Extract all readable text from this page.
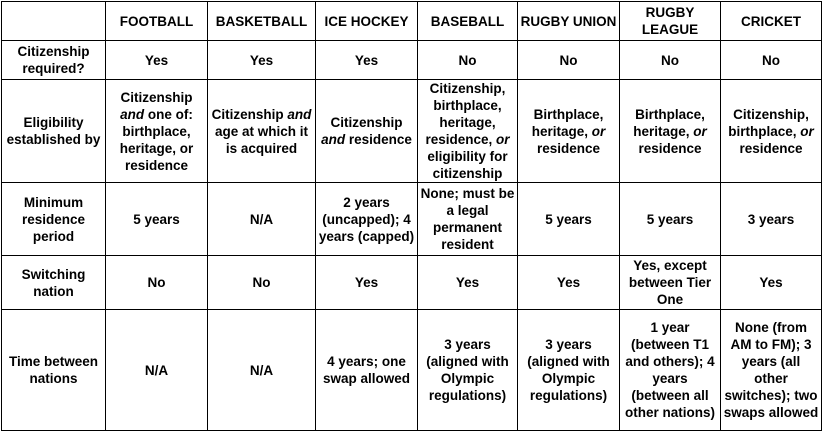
	FOOTBALL	BASKETBALL	ICE HOCKEY	BASEBALL	RUGBY UNION	RUGBY LEAGUE	CRICKET
Citizenship required?	Yes	Yes	Yes	No	No	No	No
Eligibility established by	Citizenship and one of: birthplace, heritage, or residence	Citizenship and age at which it is acquired	Citizenship and residence	Citizenship, birthplace, heritage, residence, or eligibility for citizenship	Birthplace, heritage, or residence	Birthplace, heritage, or residence	Citizenship, birthplace, or residence
Minimum residence period	5 years	N/A	2 years (uncapped); 4 years (capped)	None; must be a legal permanent resident	5 years	5 years	3 years
Switching nation	No	No	Yes	Yes	Yes	Yes, except between Tier One	Yes
Time between nations	N/A	N/A	4 years; one swap allowed	3 years (aligned with Olympic regulations)	3 years (aligned with Olympic regulations)	1 year (between T1 and others); 4 years (between all other nations)	None (from AM to FM); 3 years (all other switches); two swaps allowed
